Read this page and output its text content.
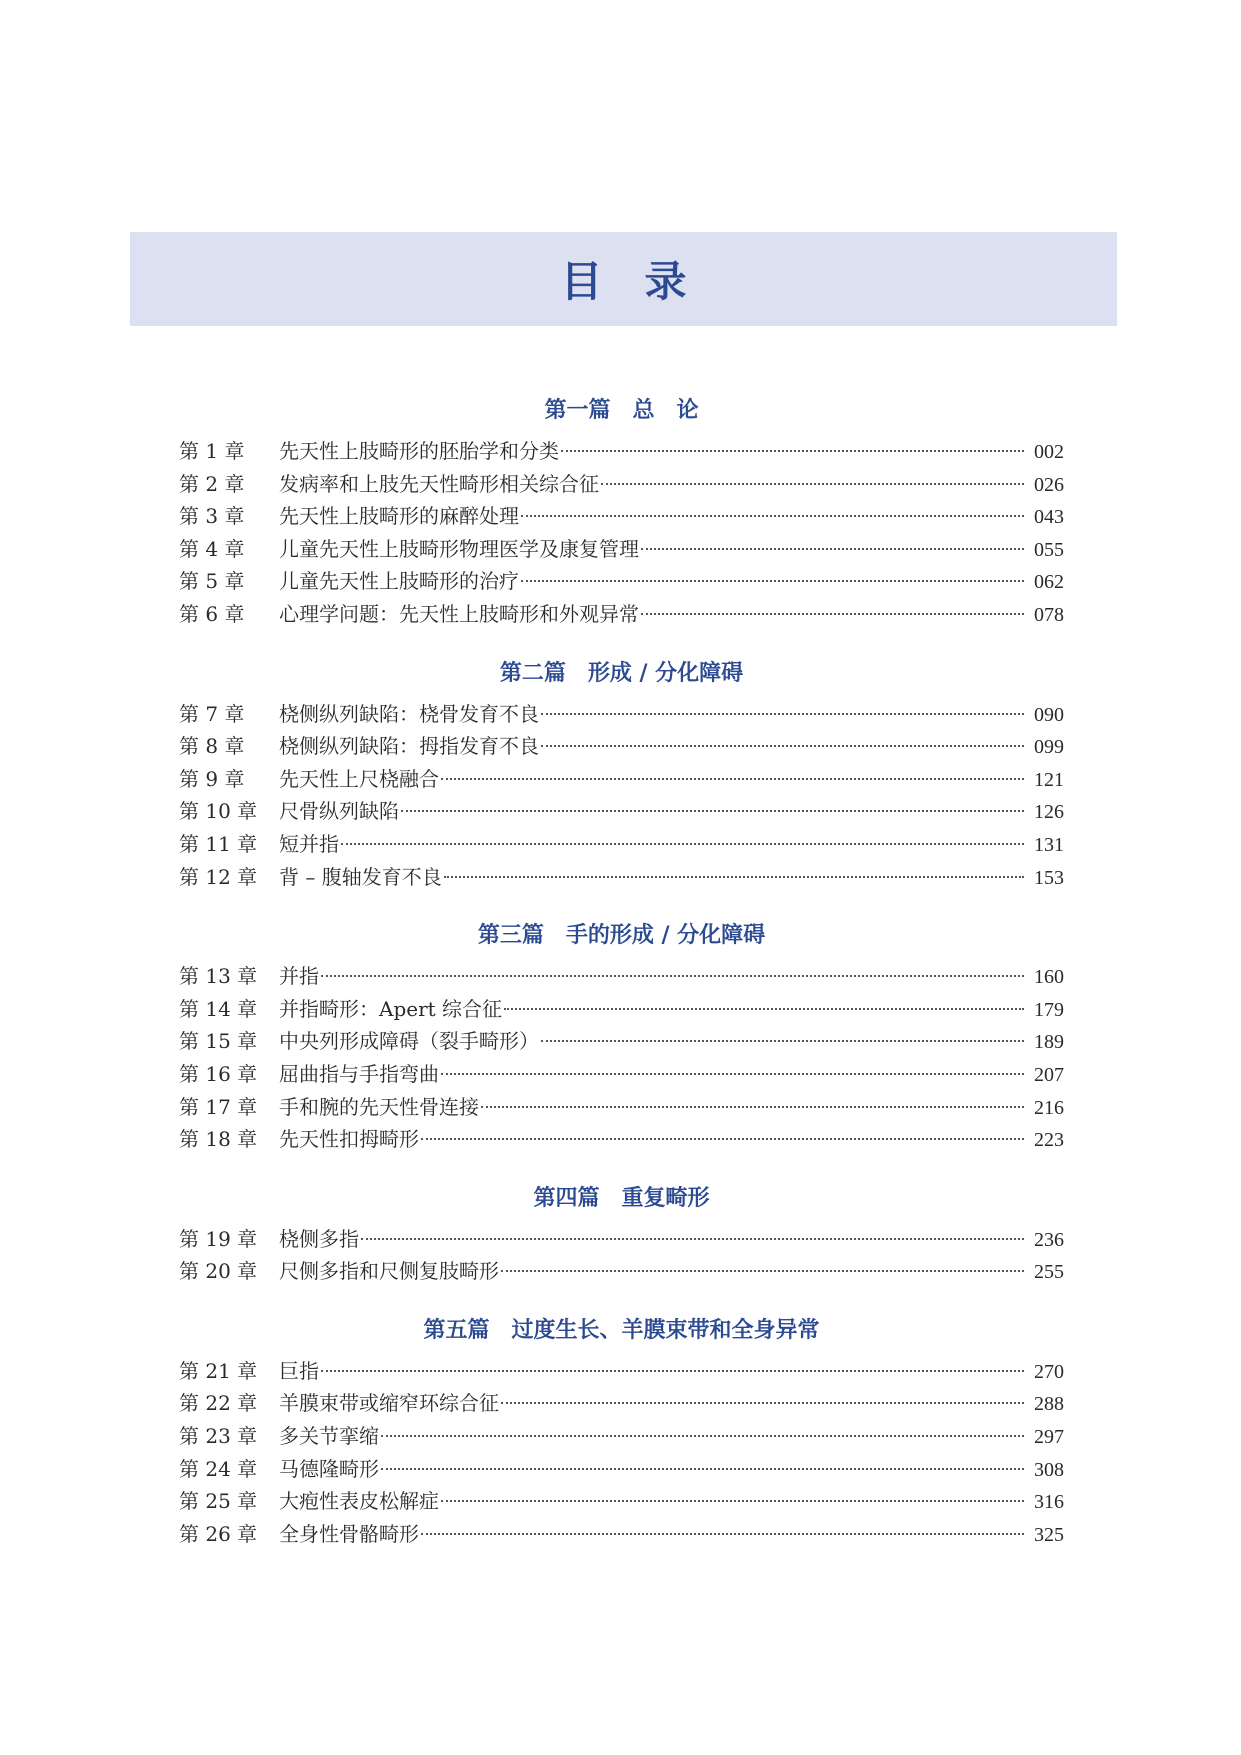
目录
第一篇　总　论
第 1 章	先天性上肢畸形的胚胎学和分类	002
第 2 章	发病率和上肢先天性畸形相关综合征	026
第 3 章	先天性上肢畸形的麻醉处理	043
第 4 章	儿童先天性上肢畸形物理医学及康复管理	055
第 5 章	儿童先天性上肢畸形的治疗	062
第 6 章	心理学问题：先天性上肢畸形和外观异常	078
第二篇　形成 / 分化障碍
第 7 章	桡侧纵列缺陷：桡骨发育不良	090
第 8 章	桡侧纵列缺陷：拇指发育不良	099
第 9 章	先天性上尺桡融合	121
第 10 章	尺骨纵列缺陷	126
第 11 章	短并指	131
第 12 章	背 – 腹轴发育不良	153
第三篇　手的形成 / 分化障碍
第 13 章	并指	160
第 14 章	并指畸形：Apert 综合征	179
第 15 章	中央列形成障碍（裂手畸形）	189
第 16 章	屈曲指与手指弯曲	207
第 17 章	手和腕的先天性骨连接	216
第 18 章	先天性扣拇畸形	223
第四篇　重复畸形
第 19 章	桡侧多指	236
第 20 章	尺侧多指和尺侧复肢畸形	255
第五篇　过度生长、羊膜束带和全身异常
第 21 章	巨指	270
第 22 章	羊膜束带或缩窄环综合征	288
第 23 章	多关节挛缩	297
第 24 章	马德隆畸形	308
第 25 章	大疱性表皮松解症	316
第 26 章	全身性骨骼畸形	325
